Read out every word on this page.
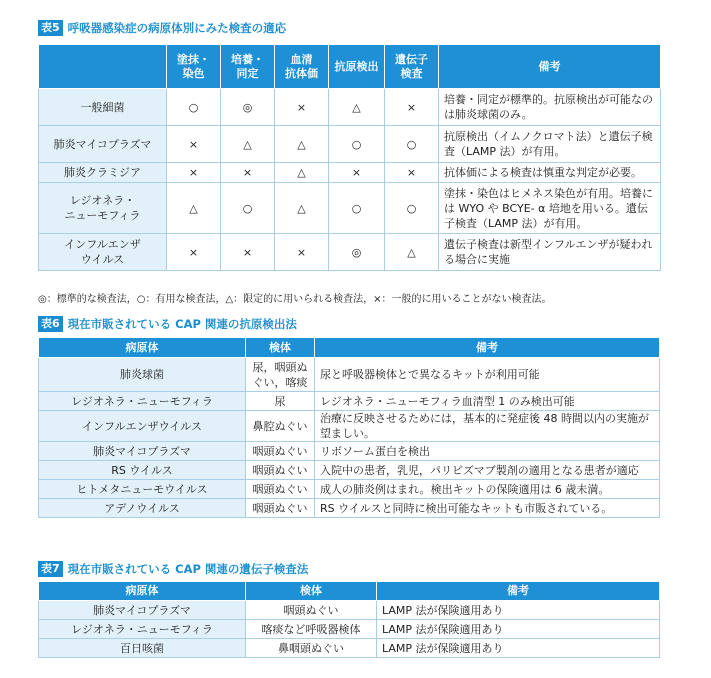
表5 呼吸器感染症の病原体別にみた検査の適応
	塗抹・
染色	培養・
同定	血清
抗体価	抗原検出	遺伝子
検査	備考
一般細菌	○	◎	×	△	×	培養・同定が標準的。抗原検出が可能なのは肺炎球菌のみ。
肺炎マイコプラズマ	×	△	△	○	○	抗原検出（イムノクロマト法）と遺伝子検査（LAMP 法）が有用。
肺炎クラミジア	×	×	△	×	×	抗体価による検査は慎重な判定が必要。
レジオネラ・
ニューモフィラ	△	○	△	○	○	塗抹・染色はヒメネス染色が有用。培養には WYO や BCYE- α 培地を用いる。遺伝子検査（LAMP 法）が有用。
インフルエンザ
ウイルス	×	×	×	◎	△	遺伝子検査は新型インフルエンザが疑われる場合に実施
◎：標準的な検査法，○：有用な検査法，△：限定的に用いられる検査法，×：一般的に用いることがない検査法。
表6 現在市販されている CAP 関連の抗原検出法
病原体	検体	備考
肺炎球菌	尿，咽頭ぬ
ぐい，喀痰	尿と呼吸器検体とで異なるキットが利用可能
レジオネラ・ニューモフィラ	尿	レジオネラ・ニューモフィラ血清型 1 のみ検出可能
インフルエンザウイルス	鼻腔ぬぐい	治療に反映させるためには，基本的に発症後 48 時間以内の実施が望ましい。
肺炎マイコプラズマ	咽頭ぬぐい	リボソーム蛋白を検出
RS ウイルス	咽頭ぬぐい	入院中の患者，乳児，パリビズマブ製剤の適用となる患者が適応
ヒトメタニューモウイルス	咽頭ぬぐい	成人の肺炎例はまれ。検出キットの保険適用は 6 歳未満。
アデノウイルス	咽頭ぬぐい	RS ウイルスと同時に検出可能なキットも市販されている。
表7 現在市販されている CAP 関連の遺伝子検査法
病原体	検体	備考
肺炎マイコプラズマ	咽頭ぬぐい	LAMP 法が保険適用あり
レジオネラ・ニューモフィラ	喀痰など呼吸器検体	LAMP 法が保険適用あり
百日咳菌	鼻咽頭ぬぐい	LAMP 法が保険適用あり
